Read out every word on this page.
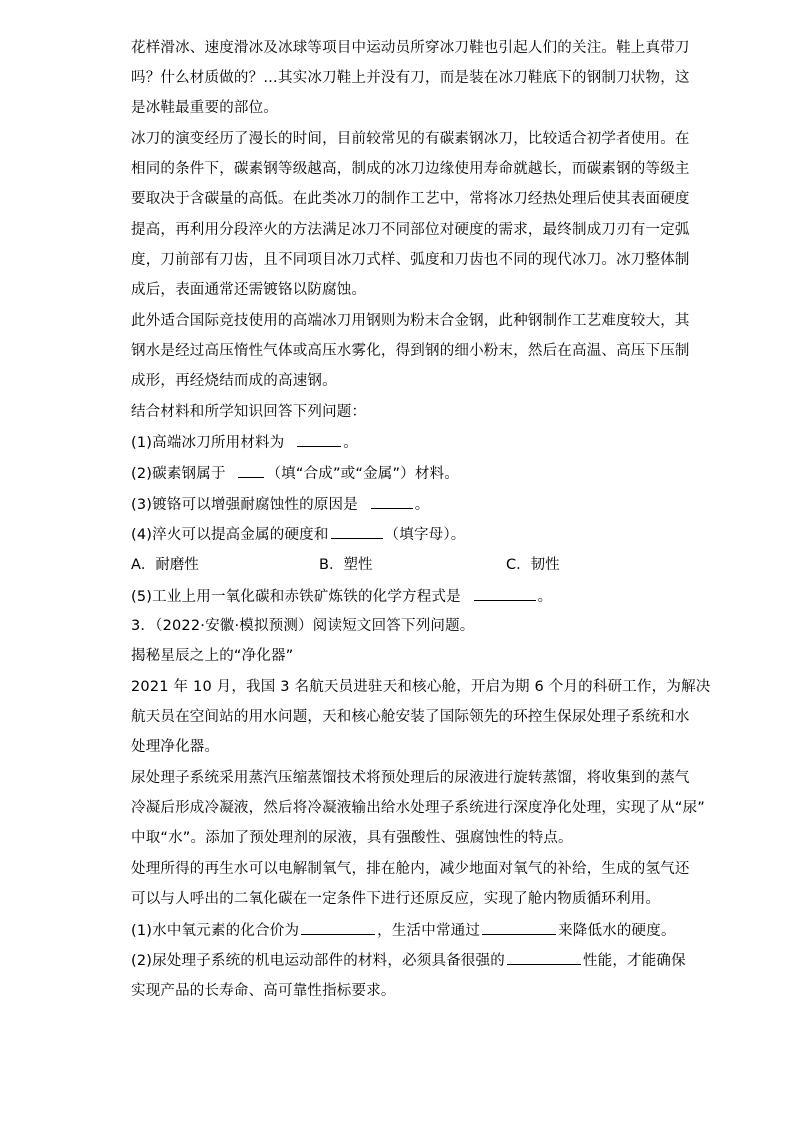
花样滑冰、速度滑冰及冰球等项目中运动员所穿冰刀鞋也引起人们的关注。鞋上真带刀
吗？什么材质做的？…其实冰刀鞋上并没有刀，而是装在冰刀鞋底下的钢制刀状物，这
是冰鞋最重要的部位。
冰刀的演变经历了漫长的时间，目前较常见的有碳素钢冰刀，比较适合初学者使用。在
相同的条件下，碳素钢等级越高，制成的冰刀边缘使用寿命就越长，而碳素钢的等级主
要取决于含碳量的高低。在此类冰刀的制作工艺中，常将冰刀经热处理后使其表面硬度
提高，再利用分段淬火的方法满足冰刀不同部位对硬度的需求，最终制成刀刃有一定弧
度，刀前部有刀齿，且不同项目冰刀式样、弧度和刀齿也不同的现代冰刀。冰刀整体制
成后，表面通常还需镀铬以防腐蚀。
此外适合国际竞技使用的高端冰刀用钢则为粉末合金钢，此种钢制作工艺难度较大，其
钢水是经过高压惰性气体或高压水雾化，得到钢的细小粉末，然后在高温、高压下压制
成形，再经烧结而成的高速钢。
结合材料和所学知识回答下列问题：
(1)高端冰刀所用材料为	。
(2)碳素钢属于	（填“合成”或“金属”）材料。
(3)镀铬可以增强耐腐蚀性的原因是	。
(4)淬火可以提高金属的硬度和	（填字母）。
A．耐磨性	B．塑性	C．韧性
(5)工业上用一氧化碳和赤铁矿炼铁的化学方程式是	。
3．（2022·安徽·模拟预测）阅读短文回答下列问题。
揭秘星辰之上的“净化器”
2021 年 10 月，我国 3 名航天员进驻天和核心舱，开启为期 6 个月的科研工作，为解决
航天员在空间站的用水问题，天和核心舱安装了国际领先的环控生保尿处理子系统和水
处理净化器。
尿处理子系统采用蒸汽压缩蒸馏技术将预处理后的尿液进行旋转蒸馏，将收集到的蒸气
冷凝后形成冷凝液，然后将冷凝液输出给水处理子系统进行深度净化处理，实现了从“尿”
中取“水”。添加了预处理剂的尿液，具有强酸性、强腐蚀性的特点。
处理所得的再生水可以电解制氧气，排在舱内，减少地面对氧气的补给，生成的氢气还
可以与人呼出的二氧化碳在一定条件下进行还原反应，实现了舱内物质循环利用。
(1)水中氧元素的化合价为	，生活中常通过	来降低水的硬度。
(2)尿处理子系统的机电运动部件的材料，必须具备很强的	性能，才能确保
实现产品的长寿命、高可靠性指标要求。
